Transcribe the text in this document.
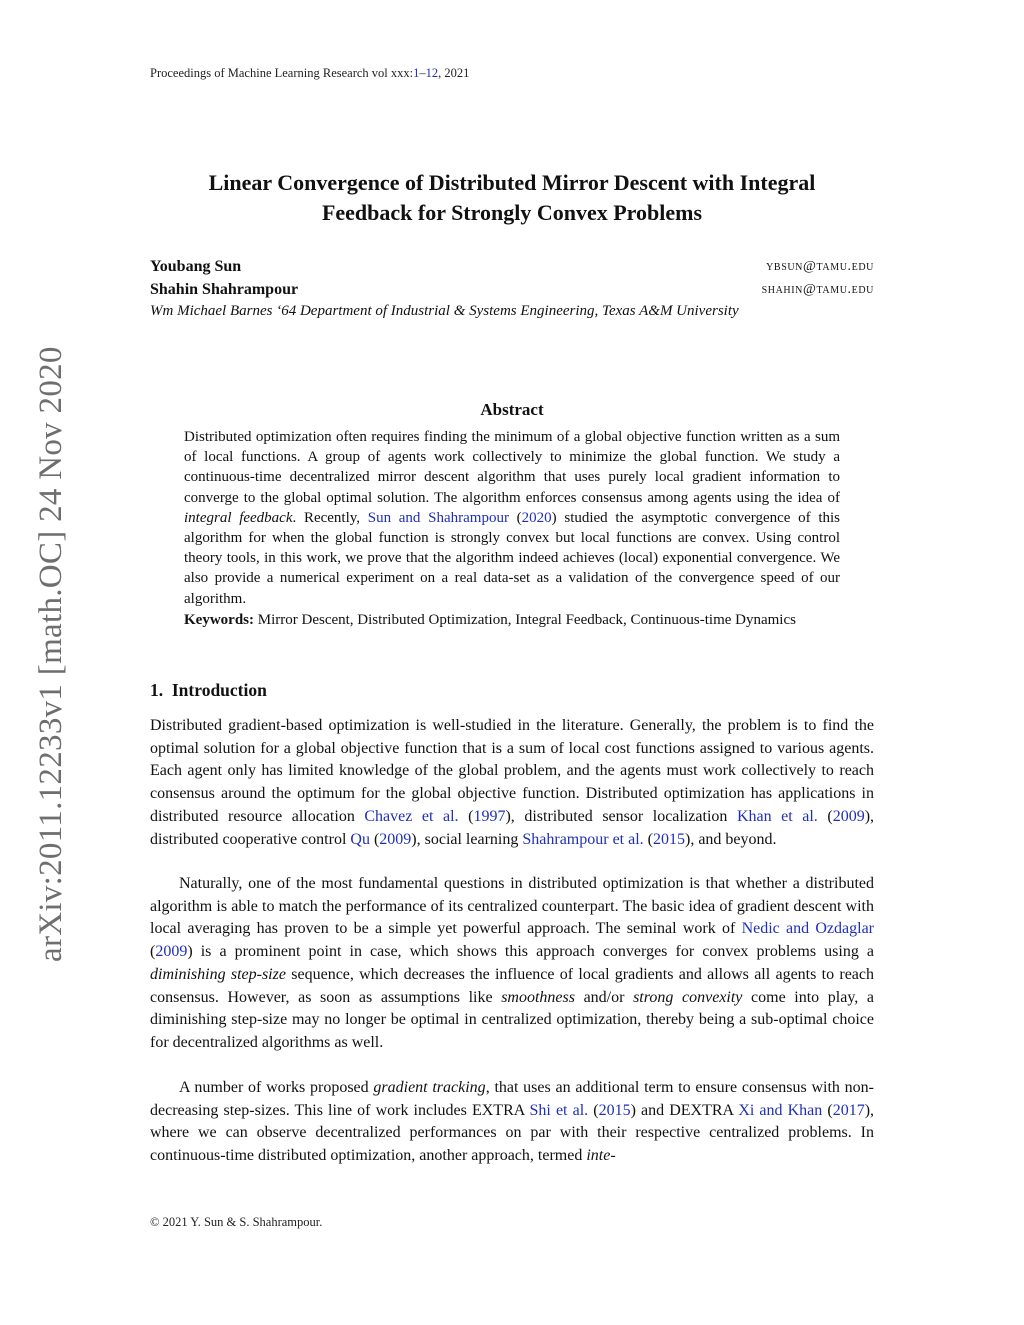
Proceedings of Machine Learning Research vol xxx:1–12, 2021
arXiv:2011.12233v1 [math.OC] 24 Nov 2020
Linear Convergence of Distributed Mirror Descent with Integral
Feedback for Strongly Convex Problems
Youbang Sun	ybsun@tamu.edu
Shahin Shahrampour	shahin@tamu.edu
Wm Michael Barnes ‘64 Department of Industrial & Systems Engineering, Texas A&M University
Abstract

Distributed optimization often requires finding the minimum of a global objective function written as a sum of local functions. A group of agents work collectively to minimize the global function. We study a continuous-time decentralized mirror descent algorithm that uses purely local gradient information to converge to the global optimal solution. The algorithm enforces consensus among agents using the idea of integral feedback. Recently, Sun and Shahrampour (2020) studied the asymptotic convergence of this algorithm for when the global function is strongly convex but local functions are convex. Using control theory tools, in this work, we prove that the algorithm indeed achieves (local) exponential convergence. We also provide a numerical experiment on a real data-set as a validation of the convergence speed of our algorithm.

Keywords: Mirror Descent, Distributed Optimization, Integral Feedback, Continuous-time Dynamics

1. Introduction

Distributed gradient-based optimization is well-studied in the literature. Generally, the problem is to find the optimal solution for a global objective function that is a sum of local cost functions assigned to various agents. Each agent only has limited knowledge of the global problem, and the agents must work collectively to reach consensus around the optimum for the global objective function. Distributed optimization has applications in distributed resource allocation Chavez et al. (1997), distributed sensor localization Khan et al. (2009), distributed cooperative control Qu (2009), social learning Shahrampour et al. (2015), and beyond.

Naturally, one of the most fundamental questions in distributed optimization is that whether a distributed algorithm is able to match the performance of its centralized counterpart. The basic idea of gradient descent with local averaging has proven to be a simple yet powerful approach. The seminal work of Nedic and Ozdaglar (2009) is a prominent point in case, which shows this approach converges for convex problems using a diminishing step-size sequence, which decreases the influence of local gradients and allows all agents to reach consensus. However, as soon as assumptions like smoothness and/or strong convexity come into play, a diminishing step-size may no longer be optimal in centralized optimization, thereby being a sub-optimal choice for decentralized algorithms as well.

A number of works proposed gradient tracking, that uses an additional term to ensure consensus with non-decreasing step-sizes. This line of work includes EXTRA Shi et al. (2015) and DEXTRA Xi and Khan (2017), where we can observe decentralized performances on par with their respective centralized problems. In continuous-time distributed optimization, another approach, termed inte-

© 2021 Y. Sun & S. Shahrampour.
